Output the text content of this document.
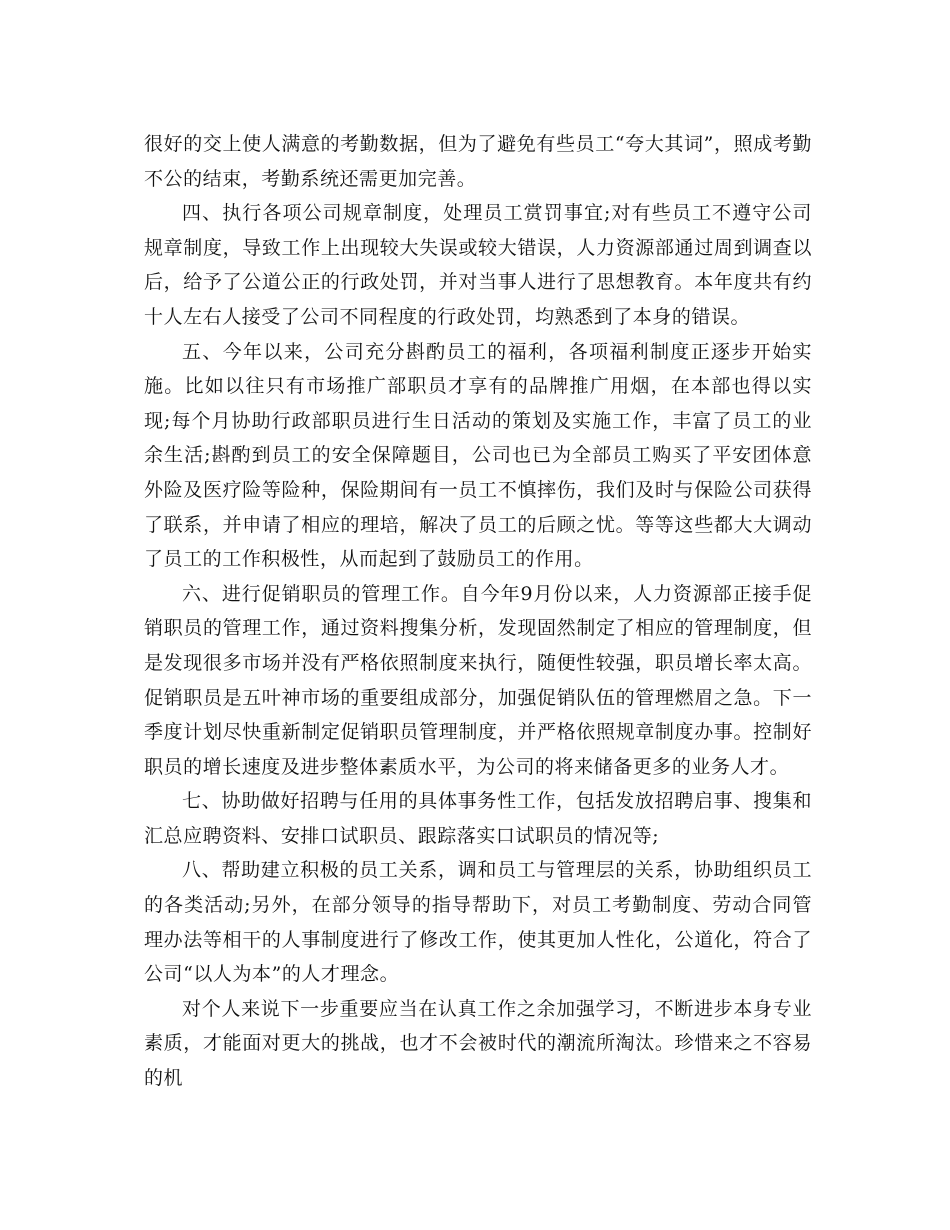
很好的交上使人满意的考勤数据，但为了避免有些员工“夸大其词”，照成考勤不公的结束，考勤系统还需更加完善。

四、执行各项公司规章制度，处理员工赏罚事宜;对有些员工不遵守公司规章制度，导致工作上出现较大失误或较大错误，人力资源部通过周到调查以后，给予了公道公正的行政处罚，并对当事人进行了思想教育。本年度共有约十人左右人接受了公司不同程度的行政处罚，均熟悉到了本身的错误。

五、今年以来，公司充分斟酌员工的福利，各项福利制度正逐步开始实施。比如以往只有市场推广部职员才享有的品牌推广用烟，在本部也得以实现;每个月协助行政部职员进行生日活动的策划及实施工作，丰富了员工的业余生活;斟酌到员工的安全保障题目，公司也已为全部员工购买了平安团体意外险及医疗险等险种，保险期间有一员工不慎摔伤，我们及时与保险公司获得了联系，并申请了相应的理培，解决了员工的后顾之忧。等等这些都大大调动了员工的工作积极性，从而起到了鼓励员工的作用。

六、进行促销职员的管理工作。自今年9月份以来，人力资源部正接手促销职员的管理工作，通过资料搜集分析，发现固然制定了相应的管理制度，但是发现很多市场并没有严格依照制度来执行，随便性较强，职员增长率太高。促销职员是五叶神市场的重要组成部分，加强促销队伍的管理燃眉之急。下一季度计划尽快重新制定促销职员管理制度，并严格依照规章制度办事。控制好职员的增长速度及进步整体素质水平，为公司的将来储备更多的业务人才。

七、协助做好招聘与任用的具体事务性工作，包括发放招聘启事、搜集和汇总应聘资料、安排口试职员、跟踪落实口试职员的情况等;

八、帮助建立积极的员工关系，调和员工与管理层的关系，协助组织员工的各类活动;另外，在部分领导的指导帮助下，对员工考勤制度、劳动合同管理办法等相干的人事制度进行了修改工作，使其更加人性化，公道化，符合了公司“以人为本”的人才理念。

对个人来说下一步重要应当在认真工作之余加强学习，不断进步本身专业素质，才能面对更大的挑战，也才不会被时代的潮流所淘汰。珍惜来之不容易的机
